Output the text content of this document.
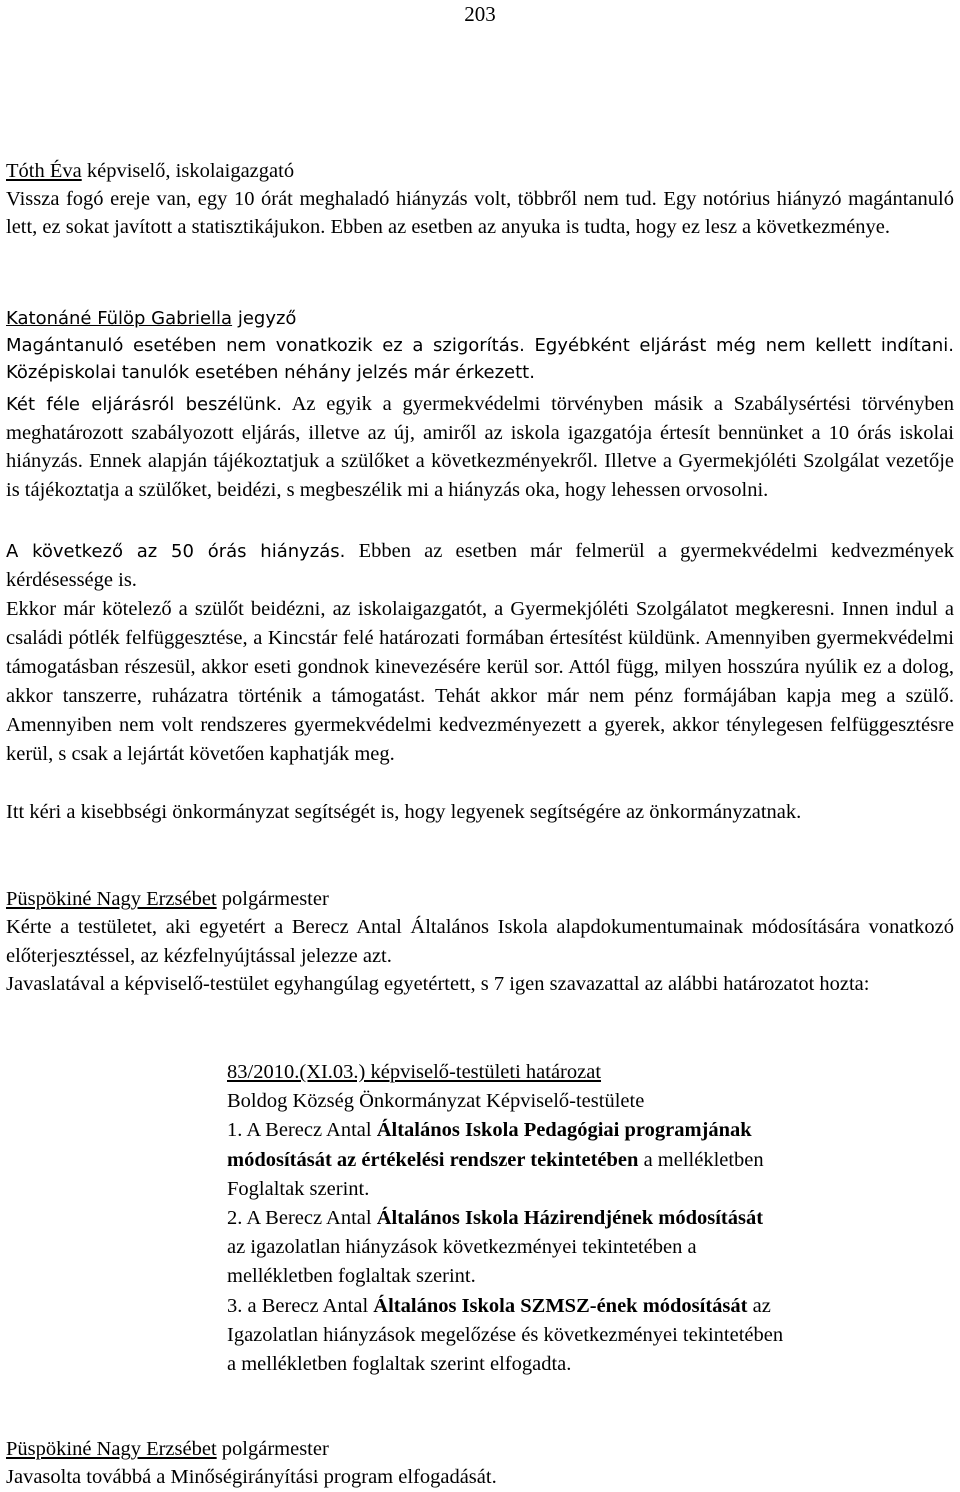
203
Tóth Éva képviselő, iskolaigazgató

Vissza fogó ereje van, egy 10 órát meghaladó hiányzás volt, többről nem tud. Egy notórius hiányzó magántanuló lett, ez sokat javított a statisztikájukon. Ebben az esetben az anyuka is tudta, hogy ez lesz a következménye.

Katonáné Fülöp Gabriella jegyző

Magántanuló esetében nem vonatkozik ez a szigorítás. Egyébként eljárást még nem kellett indítani. Középiskolai tanulók esetében néhány jelzés már érkezett.

Két féle eljárásról beszélünk. Az egyik a gyermekvédelmi törvényben másik a Szabálysértési törvényben meghatározott szabályozott eljárás, illetve az új, amiről az iskola igazgatója értesít bennünket a 10 órás iskolai hiányzás. Ennek alapján tájékoztatjuk a szülőket a következményekről. Illetve a Gyermekjóléti Szolgálat vezetője is tájékoztatja a szülőket, beidézi, s megbeszélik mi a hiányzás oka, hogy lehessen orvosolni.

A következő az 50 órás hiányzás. Ebben az esetben már felmerül a gyermekvédelmi kedvezmények kérdésessége is.

Ekkor már kötelező a szülőt beidézni, az iskolaigazgatót, a Gyermekjóléti Szolgálatot megkeresni. Innen indul a családi pótlék felfüggesztése, a Kincstár felé határozati formában értesítést küldünk. Amennyiben gyermekvédelmi támogatásban részesül, akkor eseti gondnok kinevezésére kerül sor. Attól függ, milyen hosszúra nyúlik ez a dolog, akkor tanszerre, ruházatra történik a támogatást. Tehát akkor már nem pénz formájában kapja meg a szülő. Amennyiben nem volt rendszeres gyermekvédelmi kedvezményezett a gyerek, akkor ténylegesen felfüggesztésre kerül, s csak a lejártát követően kaphatják meg.

Itt kéri a kisebbségi önkormányzat segítségét is, hogy legyenek segítségére az önkormányzatnak.

Püspökiné Nagy Erzsébet polgármester

Kérte a testületet, aki egyetért a Berecz Antal Általános Iskola alapdokumentumainak módosítására vonatkozó előterjesztéssel, az kézfelnyújtással jelezze azt.

Javaslatával a képviselő-testület egyhangúlag egyetértett, s 7 igen szavazattal az alábbi határozatot hozta:

83/2010.(XI.03.) képviselő-testületi határozat
Boldog Község Önkormányzat Képviselő-testülete
1. A Berecz Antal Általános Iskola Pedagógiai programjának
módosítását az értékelési rendszer tekintetében a mellékletben
Foglaltak szerint.
2. A Berecz Antal Általános Iskola Házirendjének módosítását
az igazolatlan hiányzások következményei tekintetében a
mellékletben foglaltak szerint.
3. a Berecz Antal Általános Iskola SZMSZ-ének módosítását az
Igazolatlan hiányzások megelőzése és következményei tekintetében
a mellékletben foglaltak szerint elfogadta.
Püspökiné Nagy Erzsébet polgármester

Javasolta továbbá a Minőségirányítási program elfogadását.
